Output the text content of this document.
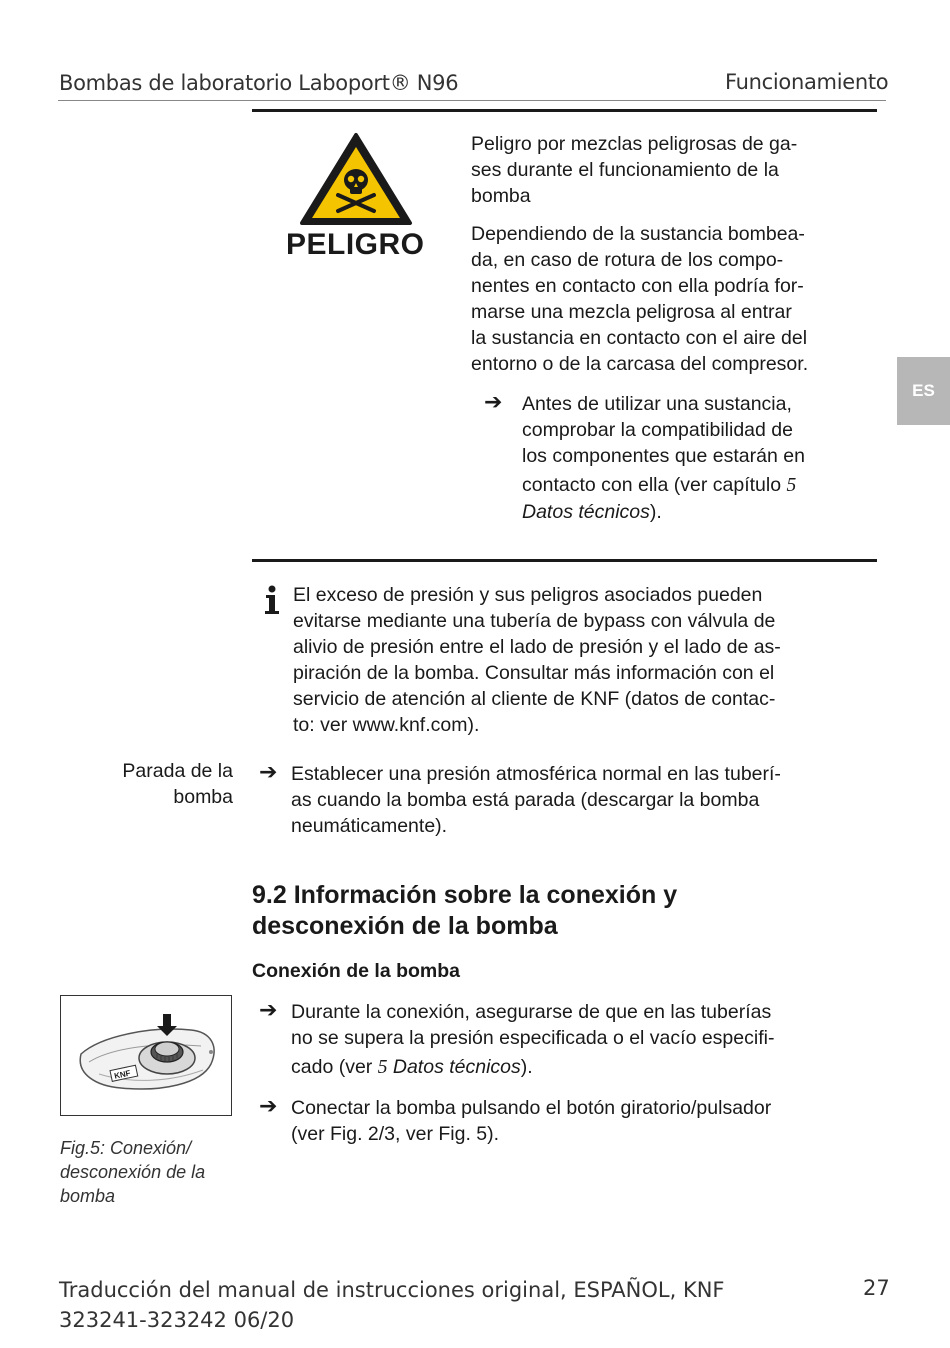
Bombas de laboratorio Laboport® N96	Funcionamiento
ES
PELIGRO
Peligro por mezclas peligrosas de ga-
ses durante el funcionamiento de la
bomba
Dependiendo de la sustancia bombea-
da, en caso de rotura de los compo-
nentes en contacto con ella podría for-
marse una mezcla peligrosa al entrar
la sustancia en contacto con el aire del
entorno o de la carcasa del compresor.
➔ Antes de utilizar una sustancia,
comprobar la compatibilidad de
los componentes que estarán en
contacto con ella (ver capítulo 5
Datos técnicos).
El exceso de presión y sus peligros asociados pueden
evitarse mediante una tubería de bypass con válvula de
alivio de presión entre el lado de presión y el lado de as-
piración de la bomba. Consultar más información con el
servicio de atención al cliente de KNF (datos de contac-
to: ver www.knf.com).
Parada de la
bomba
➔ Establecer una presión atmosférica normal en las tuberí-
as cuando la bomba está parada (descargar la bomba
neumáticamente).
9.2 Información sobre la conexión y
desconexión de la bomba
Conexión de la bomba
➔ Durante la conexión, asegurarse de que en las tuberías
no se supera la presión especificada o el vacío especifi-
cado (ver 5 Datos técnicos).
➔ Conectar la bomba pulsando el botón giratorio/pulsador
(ver Fig. 2/3, ver Fig. 5).
KNF
Fig.5: Conexión/
desconexión de la
bomba
Traducción del manual de instrucciones original, ESPAÑOL, KNF
323241-323242 06/20
27
